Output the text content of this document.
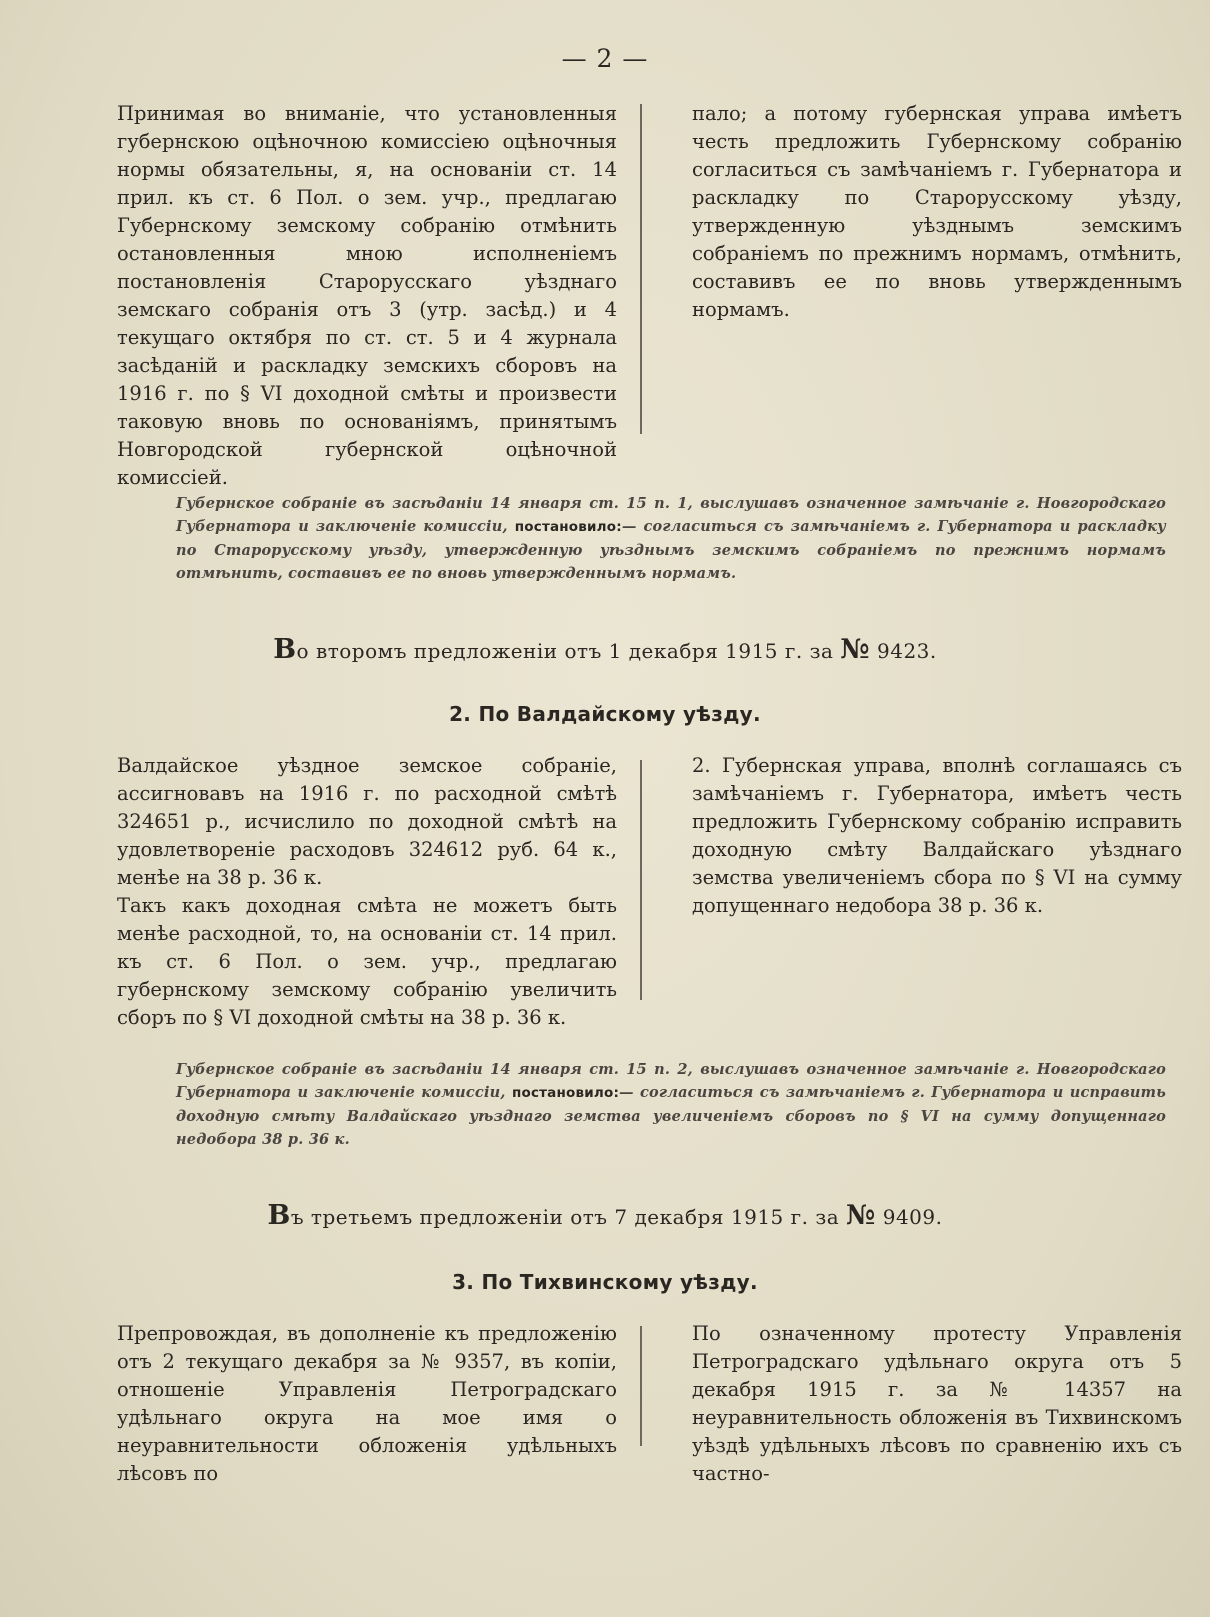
— 2 —

Принимая во вниманіе, что установленныя губернскою оцѣночною комиссіею оцѣночныя нормы обязательны, я, на основаніи ст. 14 прил. къ ст. 6 Пол. о зем. учр., предлагаю Губернскому земскому собранію отмѣнить остановленныя мною исполненіемъ постановленія Старорусскаго уѣзднаго земскаго собранія отъ 3 (утр. засѣд.) и 4 текущаго октября по ст. ст. 5 и 4 журнала засѣданій и раскладку земскихъ сборовъ на 1916 г. по § VI доходной смѣты и произвести таковую вновь по основаніямъ, принятымъ Новгородской губернской оцѣночной комиссіей.

пало; а потому губернская управа имѣетъ честь предложить Губернскому собранію согласиться съ замѣчаніемъ г. Губернатора и раскладку по Старорусскому уѣзду, утвержденную уѣзднымъ земскимъ собраніемъ по прежнимъ нормамъ, отмѣнить, составивъ ее по вновь утвержденнымъ нормамъ.

Губернское собраніе въ засѣданіи 14 января ст. 15 п. 1, выслушавъ означенное замѣчаніе г. Новгородскаго Губернатора и заключеніе комиссіи, постановило:— согласиться съ замѣчаніемъ г. Губернатора и раскладку по Старорусскому уѣзду, утвержденную уѣзднымъ земскимъ собраніемъ по прежнимъ нормамъ отмѣнить, составивъ ее по вновь утвержденнымъ нормамъ.
Во второмъ предложеніи отъ 1 декабря 1915 г. за № 9423.
2. По Валдайскому уѣзду.

Валдайское уѣздное земское собраніе, ассигновавъ на 1916 г. по расходной смѣтѣ 324651 р., исчислило по доходной смѣтѣ на удовлетвореніе расходовъ 324612 руб. 64 к., менѣе на 38 р. 36 к.

Такъ какъ доходная смѣта не можетъ быть менѣе расходной, то, на основаніи ст. 14 прил. къ ст. 6 Пол. о зем. учр., предлагаю губернскому земскому собранію увеличить сборъ по § VI доходной смѣты на 38 р. 36 к.

2. Губернская управа, вполнѣ соглашаясь съ замѣчаніемъ г. Губернатора, имѣетъ честь предложить Губернскому собранію исправить доходную смѣту Валдайскаго уѣзднаго земства увеличеніемъ сбора по § VI на сумму допущеннаго недобора 38 р. 36 к.

Губернское собраніе въ засѣданіи 14 января ст. 15 п. 2, выслушавъ означенное замѣчаніе г. Новгородскаго Губернатора и заключеніе комиссіи, постановило:— согласиться съ замѣчаніемъ г. Губернатора и исправить доходную смѣту Валдайскаго уѣзднаго земства увеличеніемъ сборовъ по § VI на сумму допущеннаго недобора 38 р. 36 к.
Въ третьемъ предложеніи отъ 7 декабря 1915 г. за № 9409.
3. По Тихвинскому уѣзду.

Препровождая, въ дополненіе къ предложенію отъ 2 текущаго декабря за № 9357, въ копіи, отношеніе Управленія Петроградскаго удѣльнаго округа на мое имя о неуравнительности обложенія удѣльныхъ лѣсовъ по

По означенному протесту Управленія Петроградскаго удѣльнаго округа отъ 5 декабря 1915 г. за № 14357 на неуравнительность обложенія въ Тихвинскомъ уѣздѣ удѣльныхъ лѣсовъ по сравненію ихъ съ частно-
